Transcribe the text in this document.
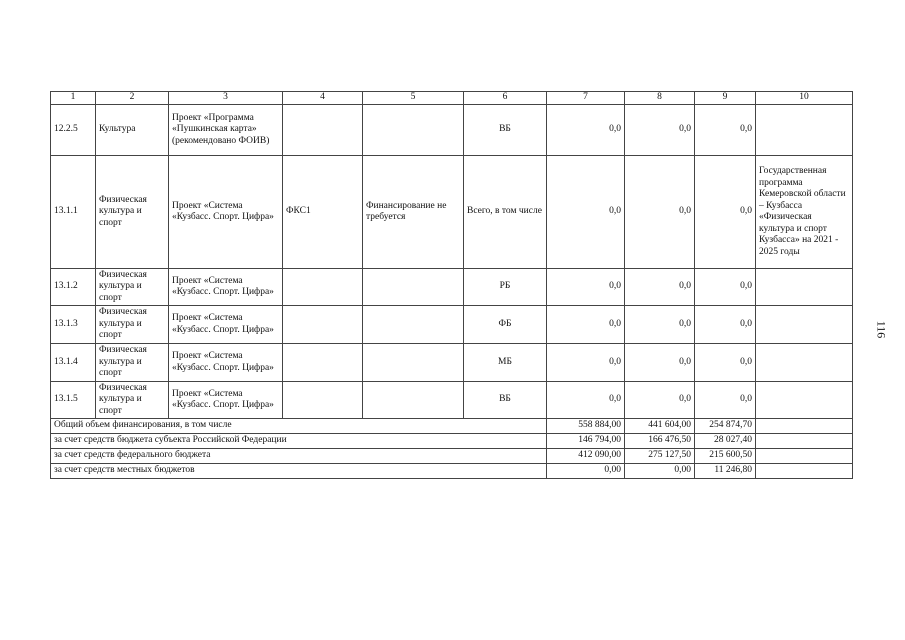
1	2	3	4	5	6	7	8	9	10
12.2.5	Культура	Проект «Программа «Пушкинская карта» (рекомендовано ФОИВ)			ВБ	0,0	0,0	0,0	
13.1.1	Физическая культура и спорт	Проект «Система «Кузбасс. Спорт. Цифра»	ФКС1	Финансирование не требуется	Всего, в том числе	0,0	0,0	0,0	Государственная программа Кемеровской области – Кузбасса «Физическая культура и спорт Кузбасса» на 2021 - 2025 годы
13.1.2	Физическая культура и спорт	Проект «Система «Кузбасс. Спорт. Цифра»			РБ	0,0	0,0	0,0	
13.1.3	Физическая культура и спорт	Проект «Система «Кузбасс. Спорт. Цифра»			ФБ	0,0	0,0	0,0	
13.1.4	Физическая культура и спорт	Проект «Система «Кузбасс. Спорт. Цифра»			МБ	0,0	0,0	0,0	
13.1.5	Физическая культура и спорт	Проект «Система «Кузбасс. Спорт. Цифра»			ВБ	0,0	0,0	0,0	
Общий объем финансирования, в том числе						558 884,00	441 604,00	254 874,70	
за счет средств бюджета субъекта Российской Федерации						146 794,00	166 476,50	28 027,40	
за счет средств федерального бюджета						412 090,00	275 127,50	215 600,50	
за счет средств местных бюджетов						0,00	0,00	11 246,80	
116
